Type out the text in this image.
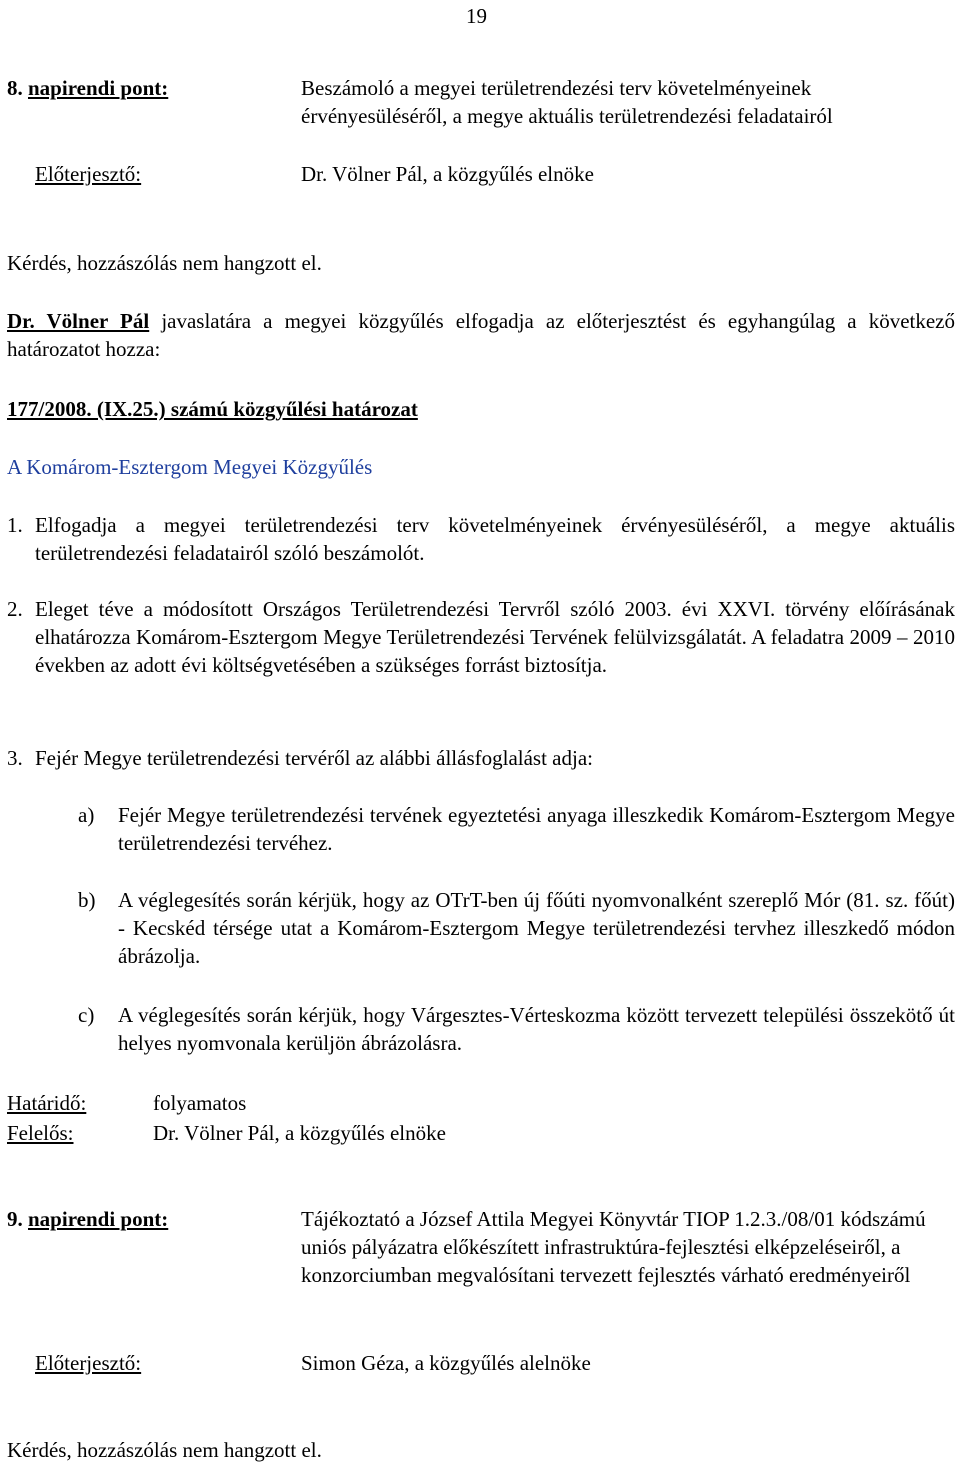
19
8. napirendi pont:	Beszámoló a megyei területrendezési terv követelményeinek érvényesüléséről, a megye aktuális területrendezési feladatairól
Előterjesztő:	Dr. Völner Pál, a közgyűlés elnöke
Kérdés, hozzászólás nem hangzott el.
Dr. Völner Pál javaslatára a megyei közgyűlés elfogadja az előterjesztést és egyhangúlag a következő határozatot hozza:
177/2008. (IX.25.) számú közgyűlési határozat
A Komárom-Esztergom Megyei Közgyűlés
1. Elfogadja a megyei területrendezési terv követelményeinek érvényesüléséről, a megye aktuális területrendezési feladatairól szóló beszámolót.
2. Eleget téve a módosított Országos Területrendezési Tervről szóló 2003. évi XXVI. törvény előírásának elhatározza Komárom-Esztergom Megye Területrendezési Tervének felülvizsgálatát. A feladatra 2009 – 2010 években az adott évi költségvetésében a szükséges forrást biztosítja.
3. Fejér Megye területrendezési tervéről az alábbi állásfoglalást adja:
a) Fejér Megye területrendezési tervének egyeztetési anyaga illeszkedik Komárom-Esztergom Megye területrendezési tervéhez.
b) A véglegesítés során kérjük, hogy az OTrT-ben új főúti nyomvonalként szereplő Mór (81. sz. főút) - Kecskéd térsége utat a Komárom-Esztergom Megye területrendezési tervhez illeszkedő módon ábrázolja.
c) A véglegesítés során kérjük, hogy Várgesztes-Vérteskozma között tervezett települési összekötő út helyes nyomvonala kerüljön ábrázolásra.
Határidő:	folyamatos
Felelős:	Dr. Völner Pál, a közgyűlés elnöke
9. napirendi pont:	Tájékoztató a József Attila Megyei Könyvtár TIOP 1.2.3./08/01 kódszámú uniós pályázatra előkészített infrastruktúra-fejlesztési elképzeléseiről, a konzorciumban megvalósítani tervezett fejlesztés várható eredményeiről
Előterjesztő:	Simon Géza, a közgyűlés alelnöke
Kérdés, hozzászólás nem hangzott el.
